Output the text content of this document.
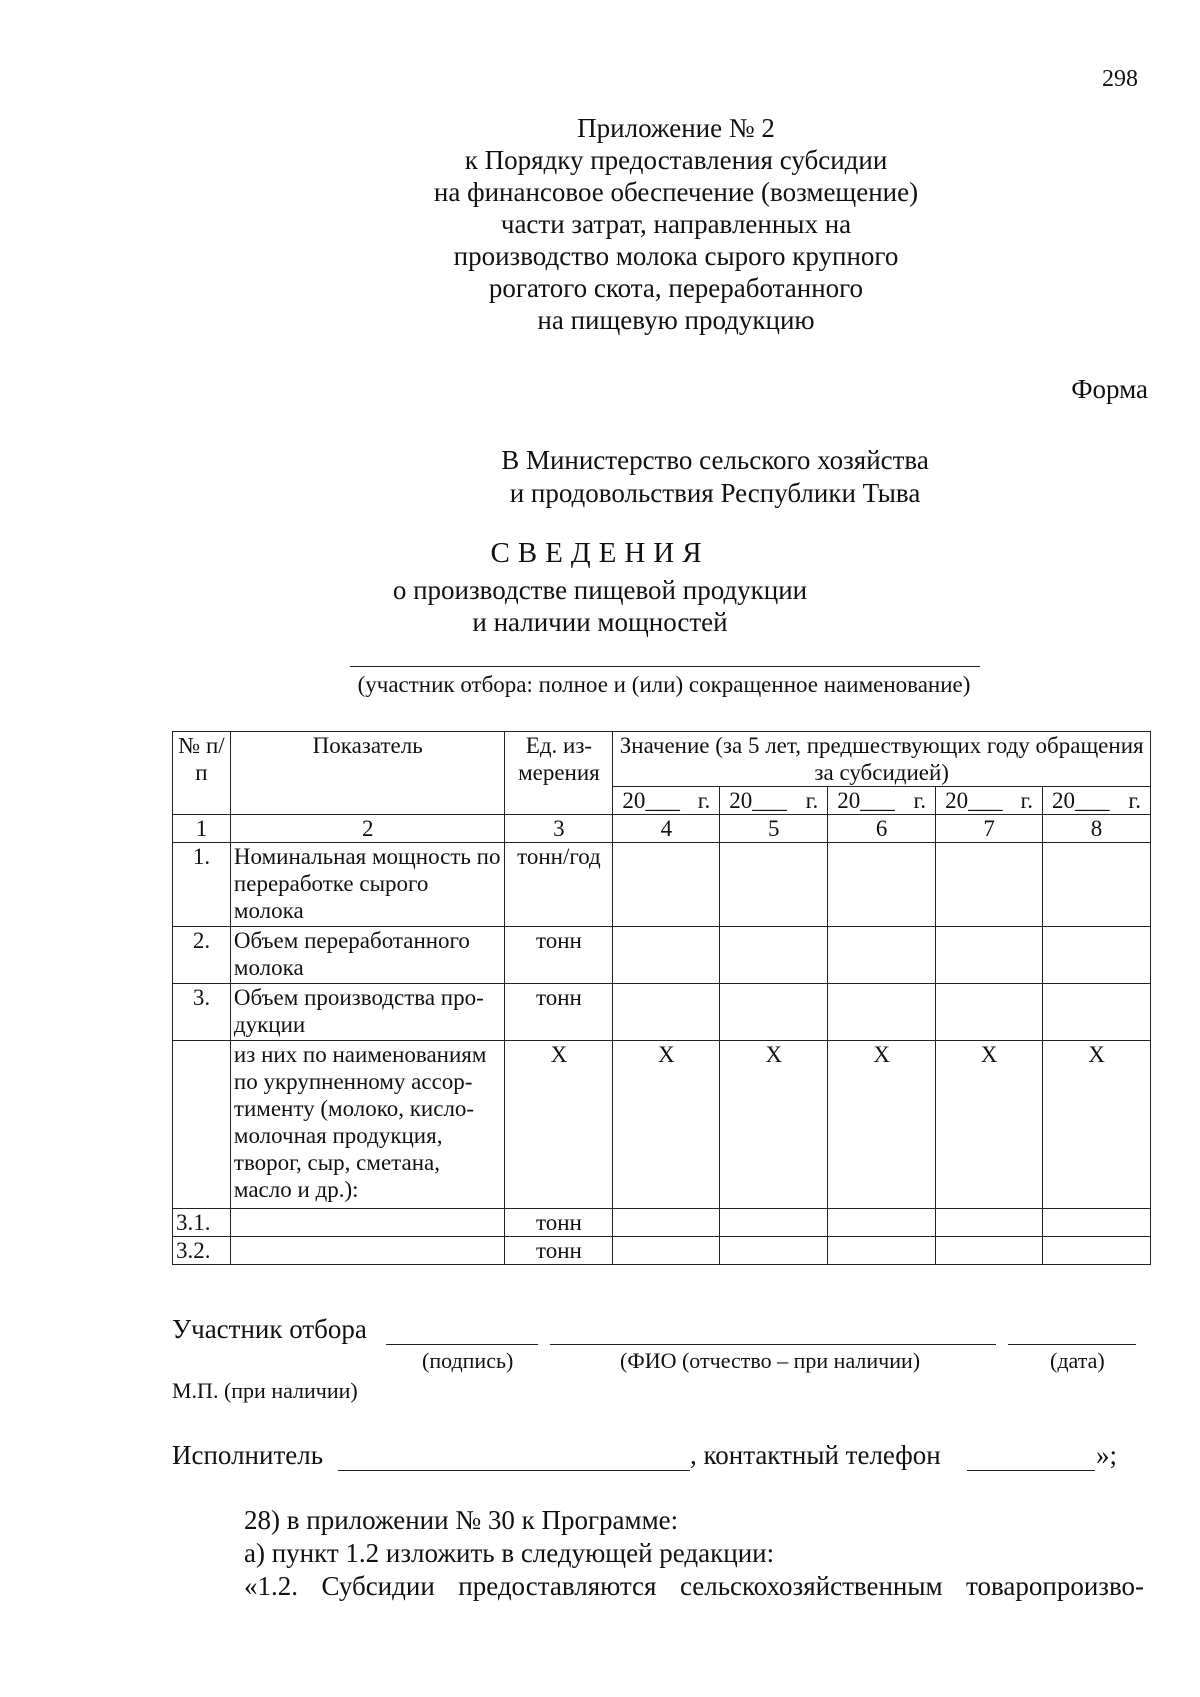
298
Приложение № 2
к Порядку предоставления субсидии
на финансовое обеспечение (возмещение)
части затрат, направленных на
производство молока сырого крупного
рогатого скота, переработанного
на пищевую продукцию
Форма
В Министерство сельского хозяйства
и продовольствия Республики Тыва
СВЕДЕНИЯ
о производстве пищевой продукции
и наличии мощностей
(участник отбора: полное и (или) сокращенное наименование)
№ п/п	Показатель	Ед. из-мерения	Значение (за 5 лет, предшествующих году обращения за субсидией)				

			20___ г.	20___ г.	20___ г.	20___ г.	20___ г.

1	2	3	4	5	6	7	8
1.	Номинальная мощность по переработке сырого молока	тонн/год					
2.	Объем переработанного молока	тонн					
3.	Объем производства про-дукции	тонн					
	из них по наименованиям по укрупненному ассор-тименту (молоко, кисло-молочная продукция, творог, сыр, сметана, масло и др.):	Х	Х	Х	Х	Х	Х
3.1.		тонн					
3.2.		тонн					
Участник отбора
(подпись)	(ФИО (отчество – при наличии)	(дата)
М.П. (при наличии)
Исполнитель	, контактный телефон	»;
28) в приложении № 30 к Программе:
а) пункт 1.2 изложить в следующей редакции:
«1.2. Субсидии предоставляются сельскохозяйственным товаропроизво-
